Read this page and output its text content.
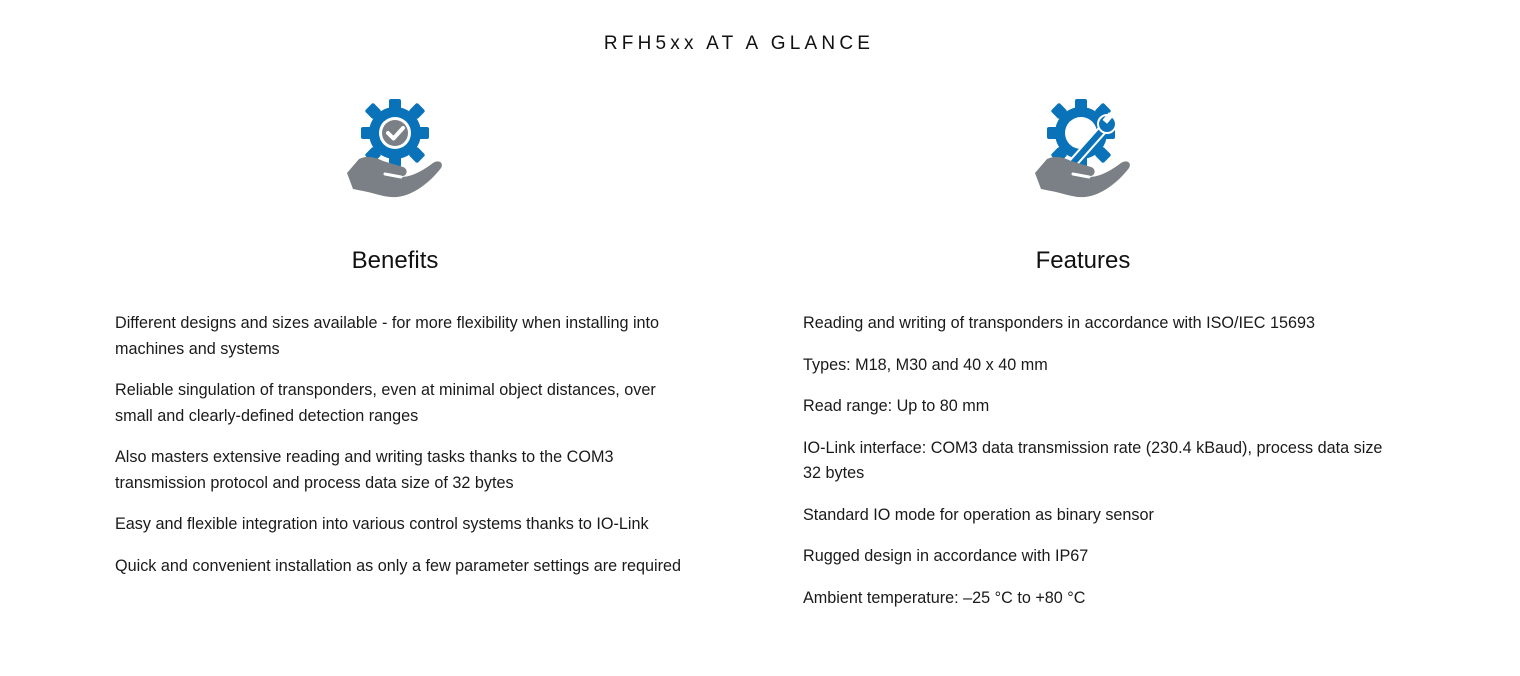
RFH5xx AT A GLANCE
Benefits
Different designs and sizes available - for more flexibility when installing into machines and systems
Reliable singulation of transponders, even at minimal object distances, over small and clearly-defined detection ranges
Also masters extensive reading and writing tasks thanks to the COM3 transmission protocol and process data size of 32 bytes
Easy and flexible integration into various control systems thanks to IO-Link
Quick and convenient installation as only a few parameter settings are required
Features
Reading and writing of transponders in accordance with ISO/IEC 15693
Types: M18, M30 and 40 x 40 mm
Read range: Up to 80 mm
IO-Link interface: COM3 data transmission rate (230.4 kBaud), process data size 32 bytes
Standard IO mode for operation as binary sensor
Rugged design in accordance with IP67
Ambient temperature: –25 °C to +80 °C
